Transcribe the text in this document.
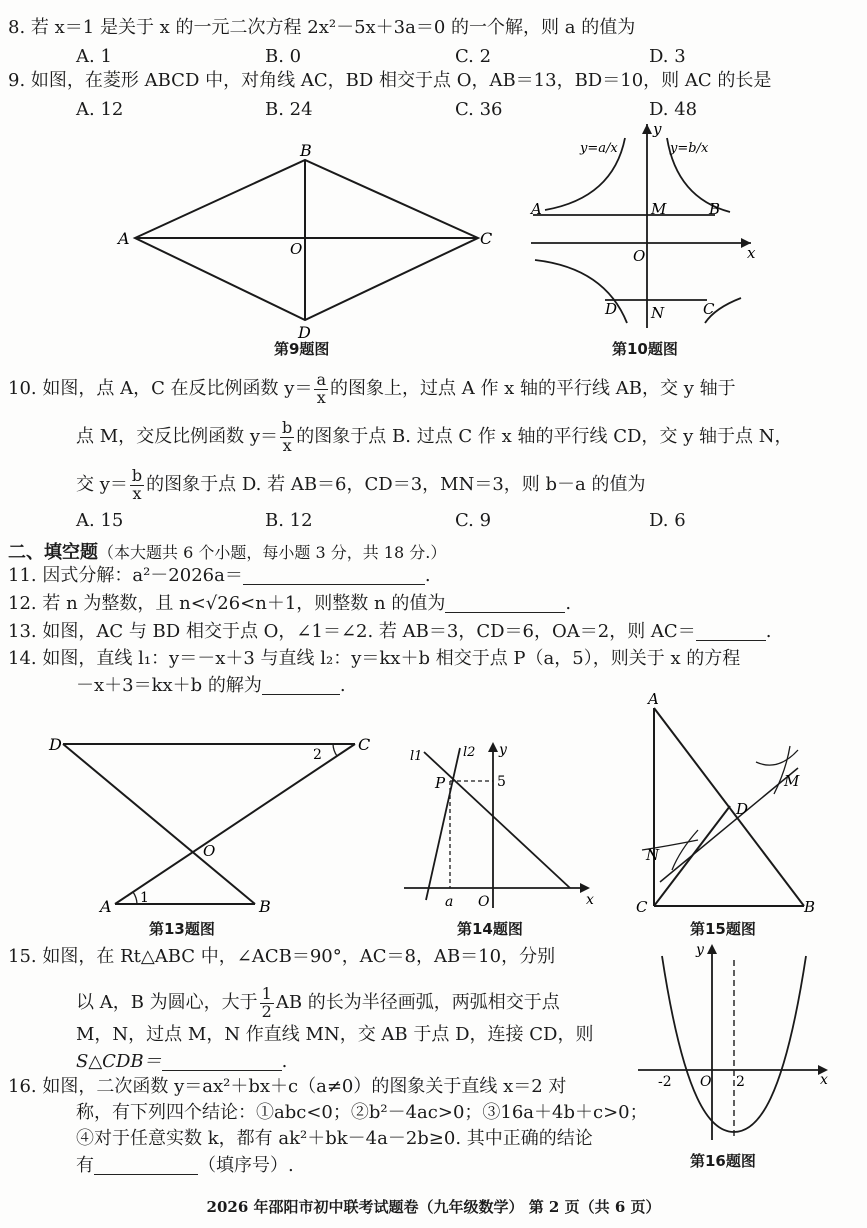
8. 若 x＝1 是关于 x 的一元二次方程 2x²－5x＋3a＝0 的一个解，则 a 的值为
A. 1	B. 0	C. 2	D. 3
9. 如图，在菱形 ABCD 中，对角线 AC，BD 相交于点 O，AB＝13，BD＝10，则 AC 的长是
A. 12	B. 24	C. 36	D. 48
A
B
C
D
O
第9题图
y=a/x	y=b/x
A	B
C
D
M
N
O	x
y
第10题图
10. 如图，点 A，C 在反比例函数 $y= \frac{a}{x}$ 的图象上，过点 A 作 x 轴的平行线 AB，交 y 轴于
点 M，交反比例函数 $y= \frac{b}{x}$ 的图象于点 B. 过点 C 作 x 轴的平行线 CD，交 y 轴于点 N，
交 $y= \frac{b}{x}$ 的图象于点 D. 若 AB＝6，CD＝3，MN＝3，则 b－a 的值为
A. 15	B. 12	C. 9	D. 6
二、填空题（本大题共 6 个小题，每小题 3 分，共 18 分.）
11. 因式分解：a²－2026a＝	.
12. 若 n 为整数，且 n<√26<n＋1，则整数 n 的值为	.
13. 如图，AC 与 BD 相交于点 O，∠1＝∠2. 若 AB＝3，CD＝6，OA＝2，则 AC＝	.
14. 如图，直线 l₁：y＝－x＋3 与直线 l₂：y＝kx＋b 相交于点 P（a，5），则关于 x 的方程
－x＋3＝kx＋b 的解为	.
D	C
A	B
O
1
2
第13题图
l1	l2
P	5
a O	x
y
第14题图
A
B
C
D
M
N
第15题图
15. 如图，在 Rt△ABC 中，∠ACB＝90°，AC＝8，AB＝10，分别
以 A，B 为圆心，大于 $\frac{1}{2}$ AB 的长为半径画弧，两弧相交于点
M，N，过点 M，N 作直线 MN，交 AB 于点 D，连接 CD，则
S△CDB＝	.
16. 如图，二次函数 y＝ax²＋bx＋c（a≠0）的图象关于直线 x＝2 对
称，有下列四个结论：①abc<0；②b²－4ac>0；③16a＋4b＋c>0；
④对于任意实数 k，都有 ak²＋bk－4a－2b≥0. 其中正确的结论
有	（填序号）.
-2 O 2	x
y
第16题图
2026 年邵阳市初中联考试题卷（九年级数学） 第 2 页（共 6 页）
